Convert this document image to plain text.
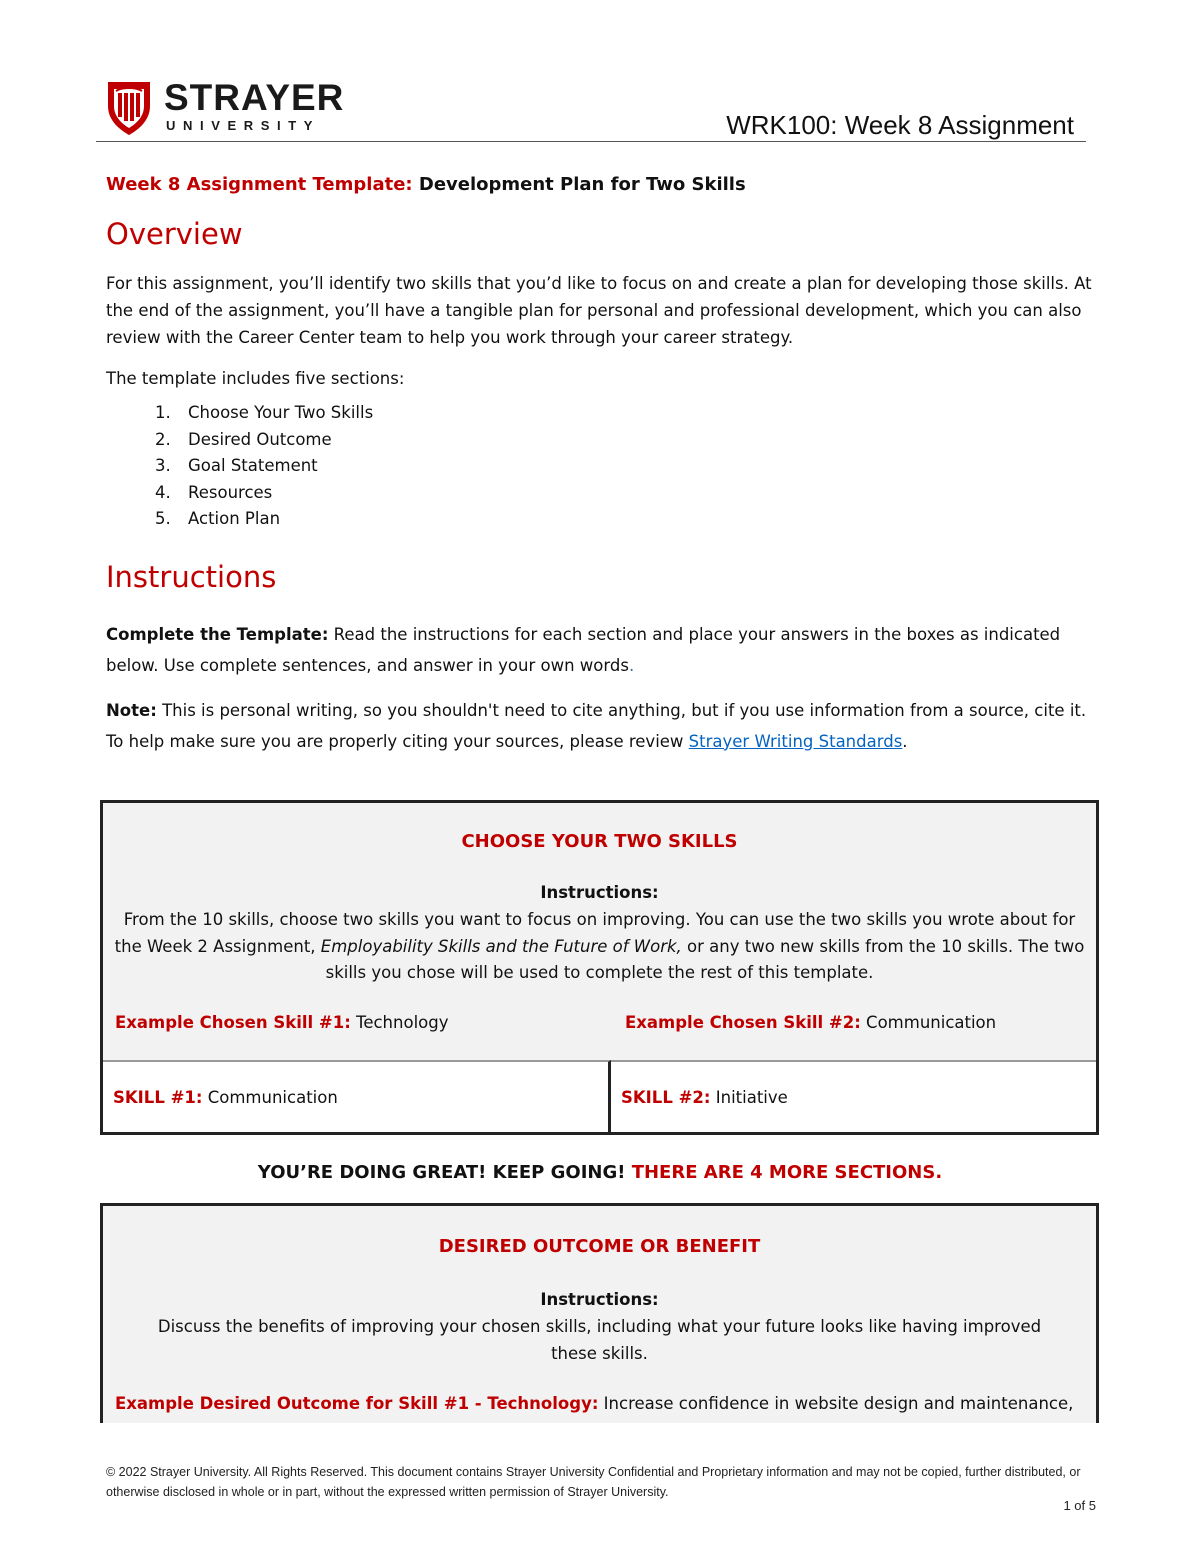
STRAYER
UNIVERSITY	WRK100: Week 8 Assignment

Week 8 Assignment Template: Development Plan for Two Skills

Overview

For this assignment, you’ll identify two skills that you’d like to focus on and create a plan for developing those skills. At the end of the assignment, you’ll have a tangible plan for personal and professional development, which you can also review with the Career Center team to help you work through your career strategy.

The template includes five sections:

1. Choose Your Two Skills
2. Desired Outcome
3. Goal Statement
4. Resources
5. Action Plan
Instructions

Complete the Template: Read the instructions for each section and place your answers in the boxes as indicated below. Use complete sentences, and answer in your own words.

Note: This is personal writing, so you shouldn't need to cite anything, but if you use information from a source, cite it. To help make sure you are properly citing your sources, please review Strayer Writing Standards.

CHOOSE YOUR TWO SKILLS
Instructions:
From the 10 skills, choose two skills you want to focus on improving. You can use the two skills you wrote about for the Week 2 Assignment, Employability Skills and the Future of Work, or any two new skills from the 10 skills. The two skills you chose will be used to complete the rest of this template.
Example Chosen Skill #1: Technology	Example Chosen Skill #2: Communication
SKILL #1: Communication	SKILL #2: Initiative
YOU’RE DOING GREAT! KEEP GOING! THERE ARE 4 MORE SECTIONS.
DESIRED OUTCOME OR BENEFIT
Instructions:
Discuss the benefits of improving your chosen skills, including what your future looks like having improved these skills.
Example Desired Outcome for Skill #1 - Technology: Increase confidence in website design and maintenance,
© 2022 Strayer University. All Rights Reserved. This document contains Strayer University Confidential and Proprietary information and may not be copied, further distributed, or otherwise disclosed in whole or in part, without the expressed written permission of Strayer University.
1 of 5
